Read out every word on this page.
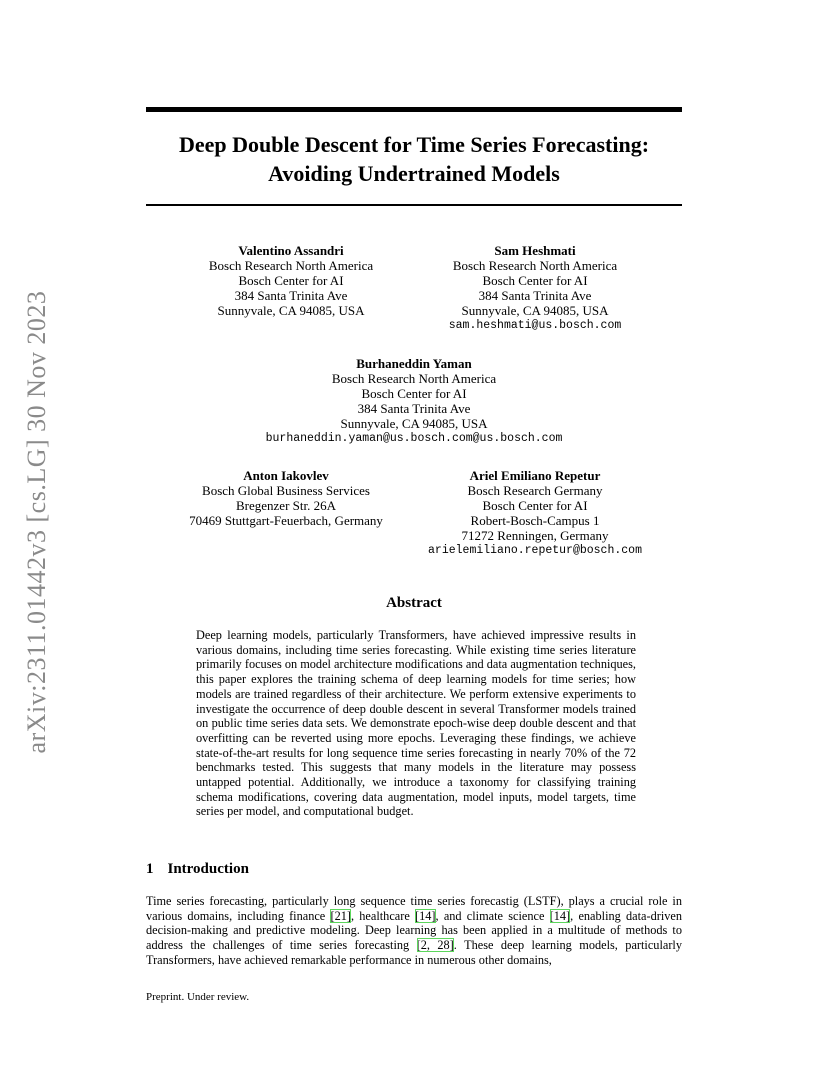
arXiv:2311.01442v3 [cs.LG] 30 Nov 2023
Deep Double Descent for Time Series Forecasting:
Avoiding Undertrained Models
Valentino Assandri
Bosch Research North America
Bosch Center for AI
384 Santa Trinita Ave
Sunnyvale, CA 94085, USA
Sam Heshmati
Bosch Research North America
Bosch Center for AI
384 Santa Trinita Ave
Sunnyvale, CA 94085, USA
sam.heshmati@us.bosch.com
Burhaneddin Yaman
Bosch Research North America
Bosch Center for AI
384 Santa Trinita Ave
Sunnyvale, CA 94085, USA
burhaneddin.yaman@us.bosch.com@us.bosch.com
Anton Iakovlev
Bosch Global Business Services
Bregenzer Str. 26A
70469 Stuttgart-Feuerbach, Germany
Ariel Emiliano Repetur
Bosch Research Germany
Bosch Center for AI
Robert-Bosch-Campus 1
71272 Renningen, Germany
arielemiliano.repetur@bosch.com
Abstract
Deep learning models, particularly Transformers, have achieved impressive results in various domains, including time series forecasting. While existing time series literature primarily focuses on model architecture modifications and data augmentation techniques, this paper explores the training schema of deep learning models for time series; how models are trained regardless of their architecture. We perform extensive experiments to investigate the occurrence of deep double descent in several Transformer models trained on public time series data sets. We demonstrate epoch-wise deep double descent and that overfitting can be reverted using more epochs. Leveraging these findings, we achieve state-of-the-art results for long sequence time series forecasting in nearly 70% of the 72 benchmarks tested. This suggests that many models in the literature may possess untapped potential. Additionally, we introduce a taxonomy for classifying training schema modifications, covering data augmentation, model inputs, model targets, time series per model, and computational budget.
1 Introduction
Time series forecasting, particularly long sequence time series forecastig (LSTF), plays a crucial role in various domains, including finance [21], healthcare [14], and climate science [14], enabling data-driven decision-making and predictive modeling. Deep learning has been applied in a multitude of methods to address the challenges of time series forecasting [2, 28]. These deep learning models, particularly Transformers, have achieved remarkable performance in numerous other domains,
Preprint. Under review.
